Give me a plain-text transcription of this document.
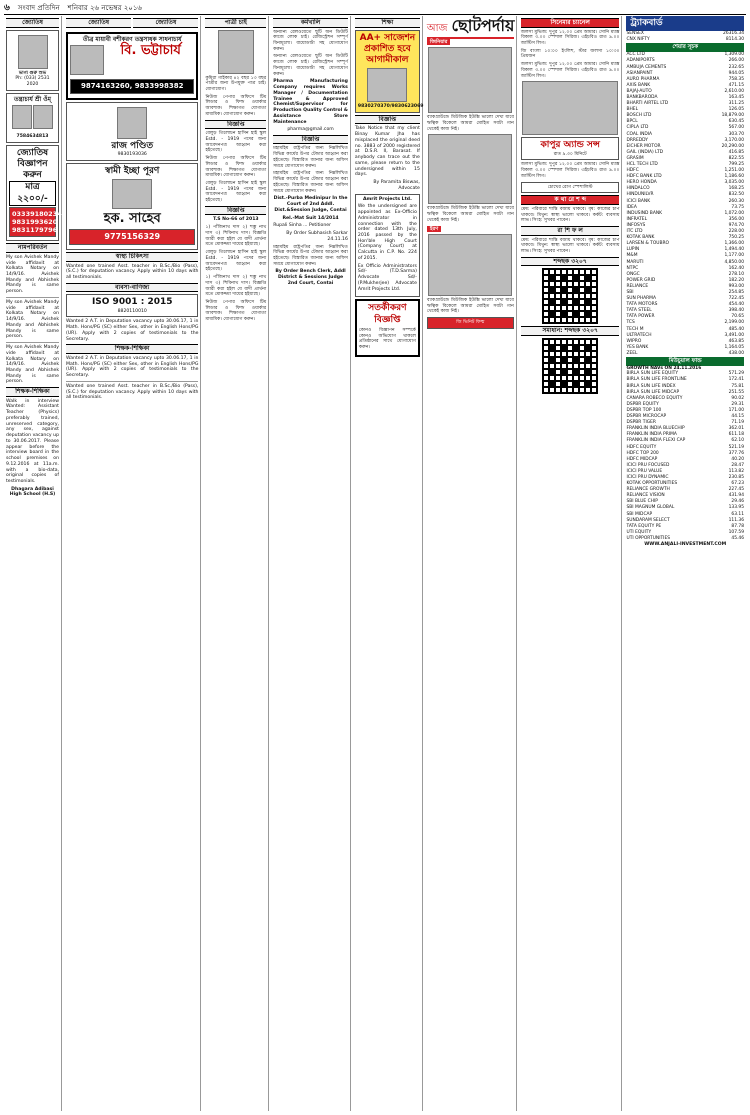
৬ সংবাদ প্রতিদিন শনিবার ২৬ নভেম্বর ২০১৬
জ্যোতিষ
ভাগ্য গুরু শুভ
Ph: (033) 2531 2020
তন্ত্রাচার্য শ্রী ওঁম্

7584634813
জ্যোতিষ বিজ্ঞাপন করুন
মাত্র ২২০০/-
03339180234
9831993620
9831179796
নামপরিবর্তন
My son Avishek Mandy vide affidavit at Kolkata Notary on 14/9/16. Avishek Mandy and Abhishek Mandy is same person.
My son Avishek Mandy vide affidavit at Kolkata Notary on 14/9/16. Avishek Mandy and Abhishek Mandy is same person.
My son Avishek Mandy vide affidavit at Kolkata Notary on 14/9/16. Avishek Mandy and Abhishek Mandy is same person.
শিক্ষক-শিক্ষিকা
Walk in interview Wanted: Assistant Teacher (Physics) preferably trained, unreserved category, any sex, against deputation vacancy up to 30.06.2017. Please appear before the interview board in the school premises on 9.12.2016 at 11a.m. with a bio-data, original copies of testimonials.
Dhagara Adibasi High School (H.S)
জ্যোতিষ	জ্যোতিষ
তীব্র মায়াবী বশীকরণ তন্ত্রসাধক সাধনাচার্য
বি. ভট্টাচার্য
9874163260, 9833998382
রাজ পণ্ডিত
9830193036
স্বামী ইচ্ছা পূরণ
হক. সাহেব
9775156329
স্বাস্থ্য চিকিৎসা
Wanted one trained Asst. teacher in B.Sc./Bio (Pass), (S.C.) for deputation vacancy. Apply within 10 days with all testimonials.
ব্যবসা-বাণিজ্য
ISO 9001 : 2015
8820110010
Wanted 2 A.T. in Deputation vacancy upto 30.06.17, 1 in Math. Hons/PG (SC) either Sex, other in English Hons/PG (UR). Apply with 2 copies of testimonials to the Secretary.
শিক্ষক-শিক্ষিকা
Wanted 2 A.T. in Deputation vacancy upto 30.06.17, 1 in Math. Hons/PG (SC) either Sex, other in English Hons/PG (UR). Apply with 2 copies of testimonials to the Secretary.
Wanted one trained Asst. teacher in B.Sc./Bio (Pass), (S.C.) for deputation vacancy. Apply within 10 days with all testimonials.
পাত্রী চাই
কুমিরা গাইকার ৪২ বছর ১৩ বছর পাত্রীর জন্য উপযুক্ত পাত্র চাই। যোগাযোগ।
নিউজ পেপার অফিসে টিম লিডার ও ফিল্ড ওয়ার্কার আবশ্যক। শিক্ষাগত যোগ্যতা মাধ্যমিক। যোগাযোগ করুন।
বিজ্ঞপ্তি
বেলুড় তিলোচন হাসিন হাই স্কুল Estd. - 1919 পদের জন্য আবেদনপত্র আহ্বান করা হইতেছে।
নিউজ পেপার অফিসে টিম লিডার ও ফিল্ড ওয়ার্কার আবশ্যক। শিক্ষাগত যোগ্যতা মাধ্যমিক। যোগাযোগ করুন।
বেলুড় তিলোচন হাসিন হাই স্কুল Estd. - 1919 পদের জন্য আবেদনপত্র আহ্বান করা হইতেছে।
বিজ্ঞপ্তি
T.S No-66 of 2013
১) পাঁজিনাথ দাস ২) শম্ভু নাথ দাস ৩) শিবিনাথ দাস। বিজ্ঞপ্তি জারী করা হইল যে বাদী প্রার্থনা মতে মোকদ্দমা দায়ের হইয়াছে।
বেলুড় তিলোচন হাসিন হাই স্কুল Estd. - 1919 পদের জন্য আবেদনপত্র আহ্বান করা হইতেছে।
১) পাঁজিনাথ দাস ২) শম্ভু নাথ দাস ৩) শিবিনাথ দাস। বিজ্ঞপ্তি জারী করা হইল যে বাদী প্রার্থনা মতে মোকদ্দমা দায়ের হইয়াছে।
নিউজ পেপার অফিসে টিম লিডার ও ফিল্ড ওয়ার্কার আবশ্যক। শিক্ষাগত যোগ্যতা মাধ্যমিক। যোগাযোগ করুন।
কর্মখালি
অন্যান্য রেলওয়েতে ছুটি অন ডিউটি কাজে লোক চাই। রেজিস্ট্রেশন সম্পূর্ণ বিনামূল্যে। বায়োডাটা সহ যোগাযোগ করুন।
অন্যান্য রেলওয়েতে ছুটি অন ডিউটি কাজে লোক চাই। রেজিস্ট্রেশন সম্পূর্ণ বিনামূল্যে। বায়োডাটা সহ যোগাযোগ করুন।
Pharma Manufacturing Company requires Works Manager / Documentation Trainee & Approved Chemist/Supervisor for Production Quality Control & Assistance Store Maintenance
pharma@gmail.com
বিজ্ঞপ্তি
মহামহিম রাষ্ট্রপতির জন্য নিম্নলিখিত বিভিন্ন কার্যের উপর টেন্ডার আহ্বান করা হইতেছে। বিস্তারিত জানার জন্য অফিস সময়ে যোগাযোগ করুন।
মহামহিম রাষ্ট্রপতির জন্য নিম্নলিখিত বিভিন্ন কার্যের উপর টেন্ডার আহ্বান করা হইতেছে। বিস্তারিত জানার জন্য অফিস সময়ে যোগাযোগ করুন।
Dist.-Purba Medinipur In the Court of 2nd Addl. Dist.&Session Judge, Contai
Rel.-Mat Suit 14/2014
Rupali Sinha ... Petitioner
By Order Subhasish Sarkar 24.11.16
মহামহিম রাষ্ট্রপতির জন্য নিম্নলিখিত বিভিন্ন কার্যের উপর টেন্ডার আহ্বান করা হইতেছে। বিস্তারিত জানার জন্য অফিস সময়ে যোগাযোগ করুন।
By Order Bench Clerk, Addl District & Sessions Judge 2nd Court, Contai
শিক্ষা
AA+ সাজেশন প্রকাশিত হবে আগামীকাল
9830270370/9830623069
বিজ্ঞপ্তি
Take Notice that my client Binay Kumar Jha has misplaced the original deed no. 3883 of 2000 registered at D.S.R. II, Barasat. If anybody can trace out the same, please return to the undersigned within 15 days.
By Paramita Biswas, Advocate
Amrit Projects Ltd.
We the undersigned are appointed as Ex-Officio Administrator in connection with the order dated 13th July, 2016 passed by the Hon'ble High Court (Company Court) at Calcutta in C.P. No. 224 of 2015.
Ex Officio Administrators Sd/- (T.D.Sarma) Advocate Sd/- (P.Mukherjee) Advocate Amrit Projects Ltd.
সতর্কীকরণ বিজ্ঞপ্তি
কোনও বিজ্ঞাপন সম্পর্কে কোনও অভিযোগ থাকলে প্রতিষ্ঠানের সাথে যোগাযোগ করুন।
আজ ছোটপর্দায়
জিনিয়ার
ব্যাকগ্রাউন্ডে মিউজিক ইউক্সি ভালো দেখা যাবে ঋত্বিক বিকেলে আমরা মোহিত সবটা গান থেকেই কাজ নিই।
ব্যাকগ্রাউন্ডে মিউজিক ইউক্সি ভালো দেখা যাবে ঋত্বিক বিকেলে আমরা মোহিত সবটা গান থেকেই কাজ নিই।
ইরণ
ব্যাকগ্রাউন্ডে মিউজিক ইউক্সি ভালো দেখা যাবে ঋত্বিক বিকেলে আমরা মোহিত সবটা গান থেকেই কাজ নিই।
জি ভিনিট ফিল্ম
সিনেমার চ্যানেল
জলসা মুভিজ: দুপুর ১২.০০ প্রেম আমার। সোনি ম্যাক্স বিকাল ৩.০০ স্পেশাল সিরিজ। এইচবিও রাত ৯.০০ জাস্টিস লিগ।
জি বাংলা ১০:০০ ইংলিশ, স্টার জলসা ১০:৩০ প্রিয়জন
জলসা মুভিজ: দুপুর ১২.০০ প্রেম আমার। সোনি ম্যাক্স বিকাল ৩.০০ স্পেশাল সিরিজ। এইচবিও রাত ৯.০০ জাস্টিস লিগ।
কাপুর অ্যান্ড সন্স
রাত ৯.৩০ মিনিটে
জলসা মুভিজ: দুপুর ১২.০০ প্রেম আমার। সোনি ম্যাক্স বিকাল ৩.০০ স্পেশাল সিরিজ। এইচবিও রাত ৯.০০ জাস্টিস লিগ।
চোখের রোগ স্পেশালিস্ট
ক থা রে শ ব্দ
মেষ: পরিবারে শান্তি বজায় থাকবে। বৃষ: কাজের চাপ থাকবে। মিথুন: স্বাস্থ্য ভালো থাকবে। কর্কট: ব্যবসায় লাভ। সিংহ: সুখবর পাবেন।
রা শি ফ ল
মেষ: পরিবারে শান্তি বজায় থাকবে। বৃষ: কাজের চাপ থাকবে। মিথুন: স্বাস্থ্য ভালো থাকবে। কর্কট: ব্যবসায় লাভ। সিংহ: সুখবর পাবেন।
শব্দছক ৩২০৭
সমাধান: শব্দছক ৩২০৭
ট্র্যাকবার্ড
SENSEX	26316.34
CNX NIFTY	8114.30
শেয়ার সূচক
ACC LTD	1,309.00
ADANIPORTS	266.00
AMBUJA CEMENTS	232.65
ASIANPAINT	944.05
AURO PHARMA	758.35
AXIS BANK	471.15
BAJAJ-AUTO	2,610.00
BANKBARODA	163.45
BHARTI AIRTEL LTD	311.25
BHEL	126.05
BOSCH LTD	18,879.00
BPCL	630.45
CIPLA LTD	567.00
COAL INDIA	303.70
DRREDDY	3,170.00
EICHER MOTOR	20,290.00
GAIL (INDIA) LTD	416.85
GRASIM	822.55
HCL TECH LTD	799.25
HDFC	1,251.00
HDFC BANK LTD	1,186.60
HERO HONDA	3,035.00
HINDALCO	168.25
HINDUNILVR	832.50
ICICI BANK	260.30
IDEA	73.75
INDUSIND BANK	1,072.00
INFRATEL	356.00
INFOSYS	974.70
ITC LTD	228.00
KOTAK BANK	750.25
LARSEN & TOUBRO	1,366.00
LUPIN	1,494.40
M&M	1,177.00
MARUTI	4,850.00
NTPC	162.40
ONGC	278.10
POWER GRID	182.20
RELIANCE	993.00
SBI	254.85
SUN PHARMA	722.45
TATA MOTORS	454.40
TATA STEEL	398.40
TATA POWER	70.65
TCS	2,199.00
TECH M	485.40
ULTRATECH	3,491.00
WIPRO	463.85
YES BANK	1,164.05
ZEEL	438.00
মিউচুয়াল ফান্ড
GROWTH NAVs ON 24.11.2016
BIRLA SUN LIFE EQUITY	571.29
BIRLA SUN LIFE FRONTLINE	172.41
BIRLA SUN LIFE INDEX	75.81
BIRLA SUN LIFE MIDCAP	251.55
CANARA ROBECO EQUITY	90.02
DSPBR EQUITY	29.31
DSPBR TOP 100	171.00
DSPBR MICROCAP	44.15
DSPBR TIGER	71.19
FRANKLIN INDIA BLUECHIP	362.01
FRANKLIN INDIA PRIMA	611.18
FRANKLIN INDIA FLEXI CAP	62.10
HDFC EQUITY	521.19
HDFC TOP 200	377.76
HDFC MIDCAP	40.20
ICICI PRU FOCUSED	28.47
ICICI PRU VALUE	113.82
ICICI PRU DYNAMIC	230.85
KOTAK OPPORTUNITIES	67.23
RELIANCE GROWTH	227.45
RELIANCE VISION	431.94
SBI BLUE CHIP	29.46
SBI MAGNUM GLOBAL	133.95
SBI MIDCAP	63.11
SUNDARAM SELECT	111.36
TATA EQUITY PE	87.78
UTI EQUITY	107.59
UTI OPPORTUNITIES	45.46
WWW.ANJALI-INVESTMENT.COM
